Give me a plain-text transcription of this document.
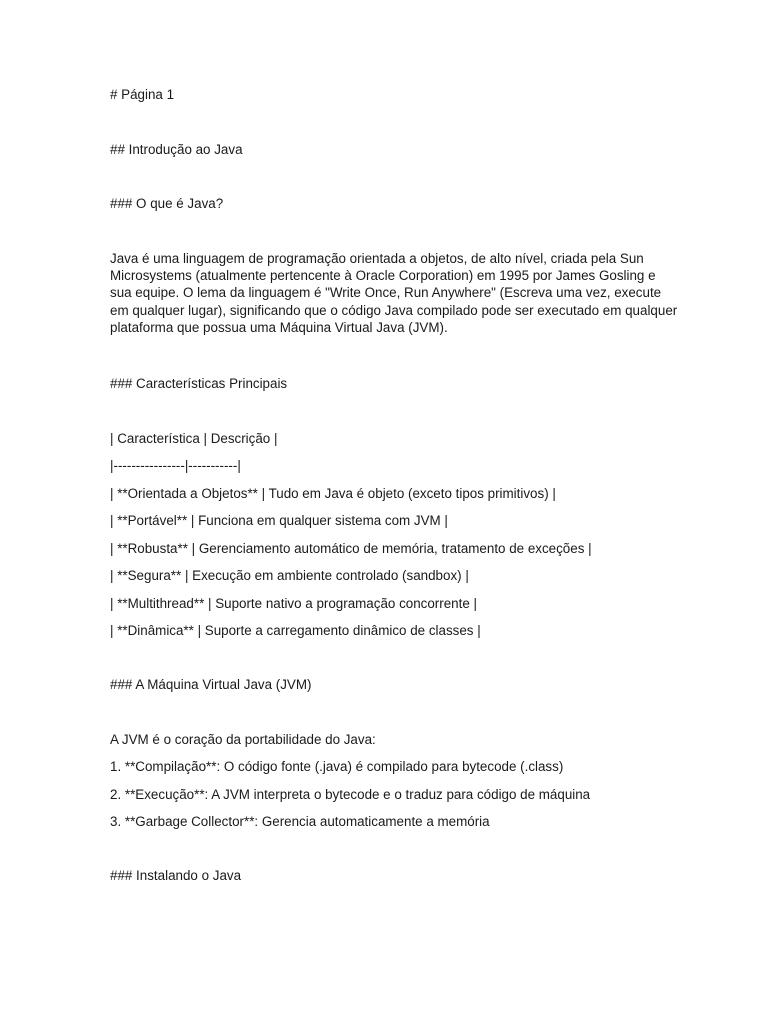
# Página 1
## Introdução ao Java
### O que é Java?
Java é uma linguagem de programação orientada a objetos, de alto nível, criada pela Sun
Microsystems (atualmente pertencente à Oracle Corporation) em 1995 por James Gosling e
sua equipe. O lema da linguagem é "Write Once, Run Anywhere" (Escreva uma vez, execute
em qualquer lugar), significando que o código Java compilado pode ser executado em qualquer
plataforma que possua uma Máquina Virtual Java (JVM).
### Características Principais
| Característica | Descrição |
|----------------|-----------|
| **Orientada a Objetos** | Tudo em Java é objeto (exceto tipos primitivos) |
| **Portável** | Funciona em qualquer sistema com JVM |
| **Robusta** | Gerenciamento automático de memória, tratamento de exceções |
| **Segura** | Execução em ambiente controlado (sandbox) |
| **Multithread** | Suporte nativo a programação concorrente |
| **Dinâmica** | Suporte a carregamento dinâmico de classes |
### A Máquina Virtual Java (JVM)
A JVM é o coração da portabilidade do Java:
1. **Compilação**: O código fonte (.java) é compilado para bytecode (.class)
2. **Execução**: A JVM interpreta o bytecode e o traduz para código de máquina
3. **Garbage Collector**: Gerencia automaticamente a memória
### Instalando o Java
